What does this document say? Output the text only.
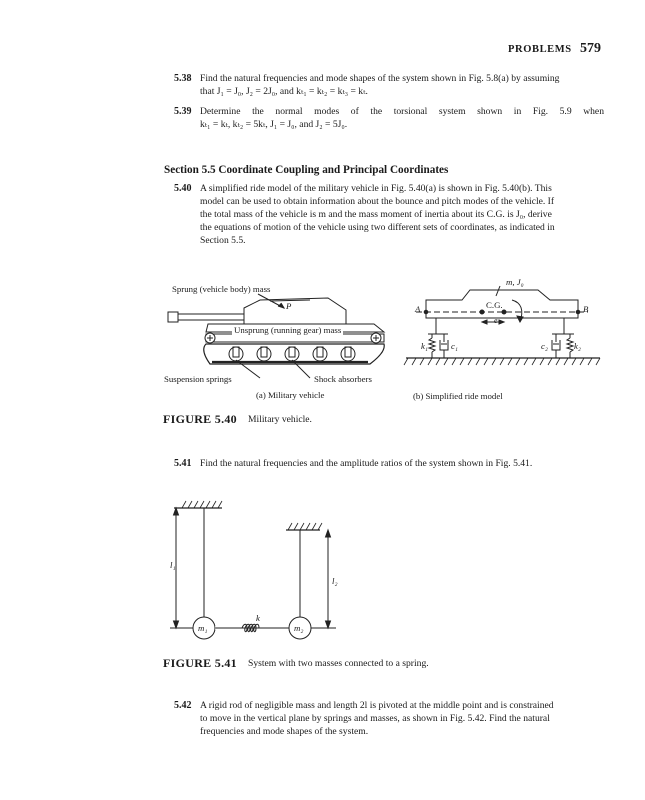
PROBLEMS 579
5.38 Find the natural frequencies and mode shapes of the system shown in Fig. 5.8(a) by assuming
that J₁ = J₀, J₂ = 2J₀, and kₜ₁ = kₜ₂ = kₜ₃ = kₜ.
5.39 Determine the normal modes of the torsional system shown in Fig. 5.9 when
kₜ₁ = kₜ, kₜ₂ = 5kₜ, J₁ = J₀, and J₂ = 5J₀.
Section 5.5 Coordinate Coupling and Principal Coordinates
5.40 A simplified ride model of the military vehicle in Fig. 5.40(a) is shown in Fig. 5.40(b). This
model can be used to obtain information about the bounce and pitch modes of the vehicle. If
the total mass of the vehicle is m and the mass moment of inertia about its C.G. is J₀, derive
the equations of motion of the vehicle using two different sets of coordinates, as indicated in
Section 5.5.
Sprung (vehicle body) mass
P
Unsprung (running gear) mass
Suspension springs	Shock absorbers
(a) Military vehicle
m, J₀
C.G.
e
A	B
k₁	c₁	c₂	k₂
(b) Simplified ride model
FIGURE 5.40 Military vehicle.
5.41 Find the natural frequencies and the amplitude ratios of the system shown in Fig. 5.41.
l₁
l₂
k
m₁	m₂
FIGURE 5.41 System with two masses connected to a spring.
5.42 A rigid rod of negligible mass and length 2l is pivoted at the middle point and is constrained
to move in the vertical plane by springs and masses, as shown in Fig. 5.42. Find the natural
frequencies and mode shapes of the system.
